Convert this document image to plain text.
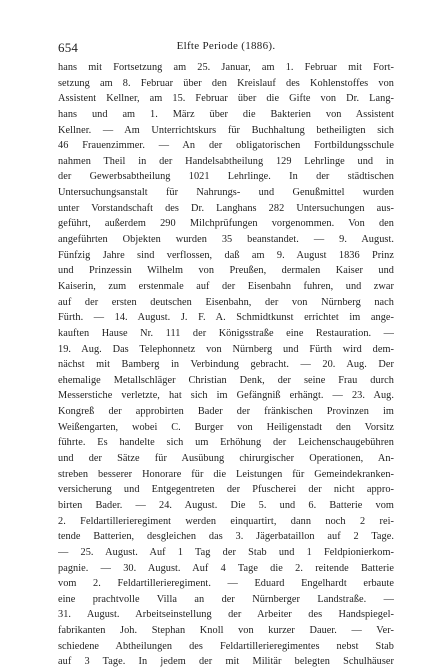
654	Elfte Periode (1886).
hans mit Fortsetzung am 25. Januar, am 1. Februar mit Fort-
setzung am 8. Februar über den Kreislauf des Kohlenstoffes von
Assistent Kellner, am 15. Februar über die Gifte von Dr. Lang-
hans und am 1. März über die Bakterien von Assistent
Kellner. — Am Unterrichtskurs für Buchhaltung betheiligten sich
46 Frauenzimmer. — An der obligatorischen Fortbildungsschule
nahmen Theil in der Handelsabtheilung 129 Lehrlinge und in
der Gewerbsabtheilung 1021 Lehrlinge. In der städtischen
Untersuchungsanstalt für Nahrungs- und Genußmittel wurden
unter Vorstandschaft des Dr. Langhans 282 Untersuchungen aus-
geführt, außerdem 290 Milchprüfungen vorgenommen. Von den
angeführten Objekten wurden 35 beanstandet. — 9. August.
Fünfzig Jahre sind verflossen, daß am 9. August 1836 Prinz
und Prinzessin Wilhelm von Preußen, dermalen Kaiser und
Kaiserin, zum erstenmale auf der Eisenbahn fuhren, und zwar
auf der ersten deutschen Eisenbahn, der von Nürnberg nach
Fürth. — 14. August. J. F. A. Schmidtkunst errichtet im ange-
kauften Hause Nr. 111 der Königsstraße eine Restauration. —
19. Aug. Das Telephonnetz von Nürnberg und Fürth wird dem-
nächst mit Bamberg in Verbindung gebracht. — 20. Aug. Der
ehemalige Metallschläger Christian Denk, der seine Frau durch
Messerstiche verletzte, hat sich im Gefängniß erhängt. — 23. Aug.
Kongreß der approbirten Bader der fränkischen Provinzen im
Weißengarten, wobei C. Burger von Heiligenstadt den Vorsitz
führte. Es handelte sich um Erhöhung der Leichenschaugebühren
und der Sätze für Ausübung chirurgischer Operationen, An-
streben besserer Honorare für die Leistungen für Gemeindekranken-
versicherung und Entgegentreten der Pfuscherei der nicht appro-
birten Bader. — 24. August. Die 5. und 6. Batterie vom
2. Feldartillerieregiment werden einquartirt, dann noch 2 rei-
tende Batterien, desgleichen das 3. Jägerbataillon auf 2 Tage.
— 25. August. Auf 1 Tag der Stab und 1 Feldpionierkom-
pagnie. — 30. August. Auf 4 Tage die 2. reitende Batterie
vom 2. Feldartillerieregiment. — Eduard Engelhardt erbaute
eine prachtvolle Villa an der Nürnberger Landstraße. —
31. August. Arbeitseinstellung der Arbeiter des Handspiegel-
fabrikanten Joh. Stephan Knoll von kurzer Dauer. — Ver-
schiedene Abtheilungen des Feldartillerieregimentes nebst Stab
auf 3 Tage. In jedem der mit Militär belegten Schulhäuser
